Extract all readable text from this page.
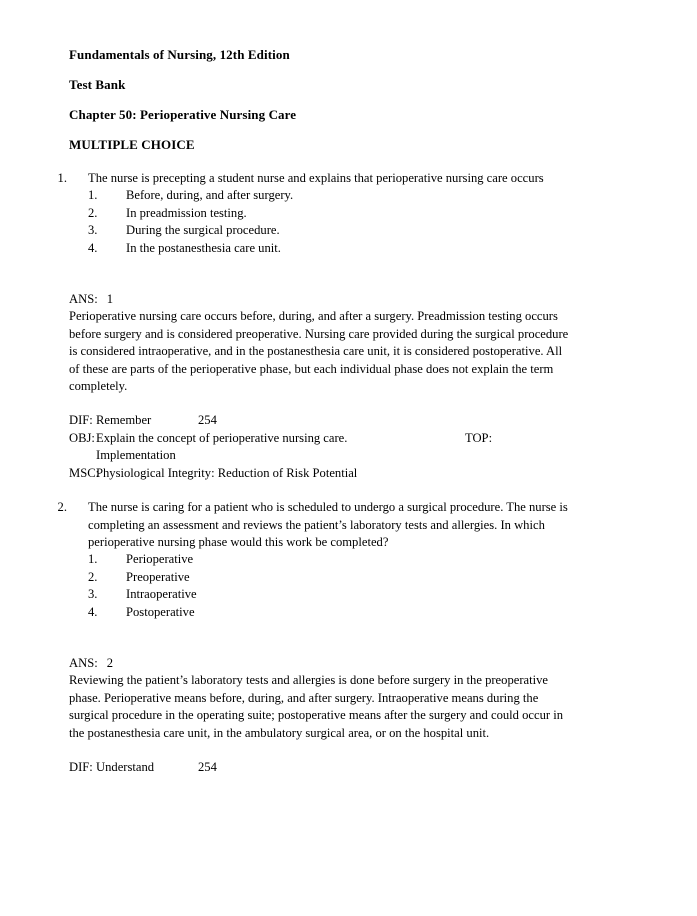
Fundamentals of Nursing, 12th Edition
Test Bank
Chapter 50: Perioperative Nursing Care
MULTIPLE CHOICE
1. The nurse is precepting a student nurse and explains that perioperative nursing care occurs

1. Before, during, and after surgery.
2. In preadmission testing.
3. During the surgical procedure.
4. In the postanesthesia care unit.
ANS: 1

Perioperative nursing care occurs before, during, and after a surgery. Preadmission testing occurs before surgery and is considered preoperative. Nursing care provided during the surgical procedure is considered intraoperative, and in the postanesthesia care unit, it is considered postoperative. All of these are parts of the perioperative phase, but each individual phase does not explain the term completely.

DIF: Remember	254
OBJ: Explain the concept of perioperative nursing care.	TOP:
Implementation
MSC:
Physiological Integrity: Reduction of Risk Potential
2. The nurse is caring for a patient who is scheduled to undergo a surgical procedure. The nurse is completing an assessment and reviews the patient’s laboratory tests and allergies. In which perioperative nursing phase would this work be completed?

1. Perioperative
2. Preoperative
3. Intraoperative
4. Postoperative
ANS: 2

Reviewing the patient’s laboratory tests and allergies is done before surgery in the preoperative phase. Perioperative means before, during, and after surgery. Intraoperative means during the surgical procedure in the operating suite; postoperative means after the surgery and could occur in the postanesthesia care unit, in the ambulatory surgical area, or on the hospital unit.

DIF: Understand	254
